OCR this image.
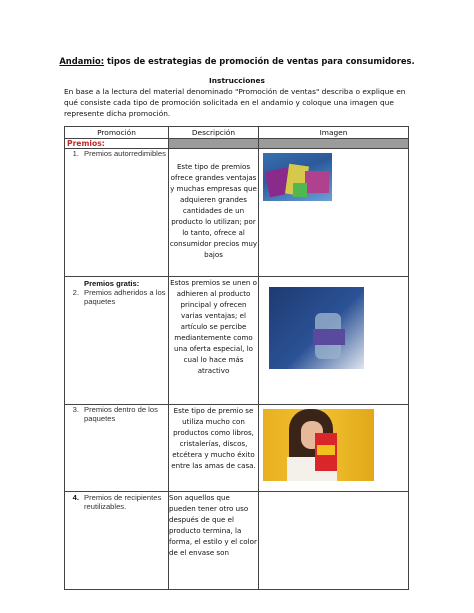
Andamio: tipos de estrategias de promoción de ventas para consumidores.
Instrucciones
En base a la lectura del material denominado "Promoción de ventas" describa o explique en qué consiste cada tipo de promoción solicitada en el andamio y coloque una imagen que represente dicha promoción.
Promoción	Descripción	Imagen
Premios:		

1. Premios autorredimibles	Este tipo de premios ofrece grandes ventajas y muchas empresas que adquieren grandes cantidades de un producto lo utilizan; por lo tanto, ofrece al consumidor precios muy bajos	

Premios gratis:
2. Premios adheridos a los paquetes	Estos premios se unen o adhieren al producto principal y ofrecen varias ventajas; el artículo se percibe mediantemente como una oferta especial, lo cual lo hace más atractivo	

3. Premios dentro de los paquetes	Este tipo de premio se utiliza mucho con productos como libros, cristalerías, discos, etcétera y mucho éxito entre las amas de casa.	

4. Premios de recipientes reutilizables.	Son aquellos que pueden tener otro uso después de que el producto termina, la forma, el estilo y el color de el envase son	
